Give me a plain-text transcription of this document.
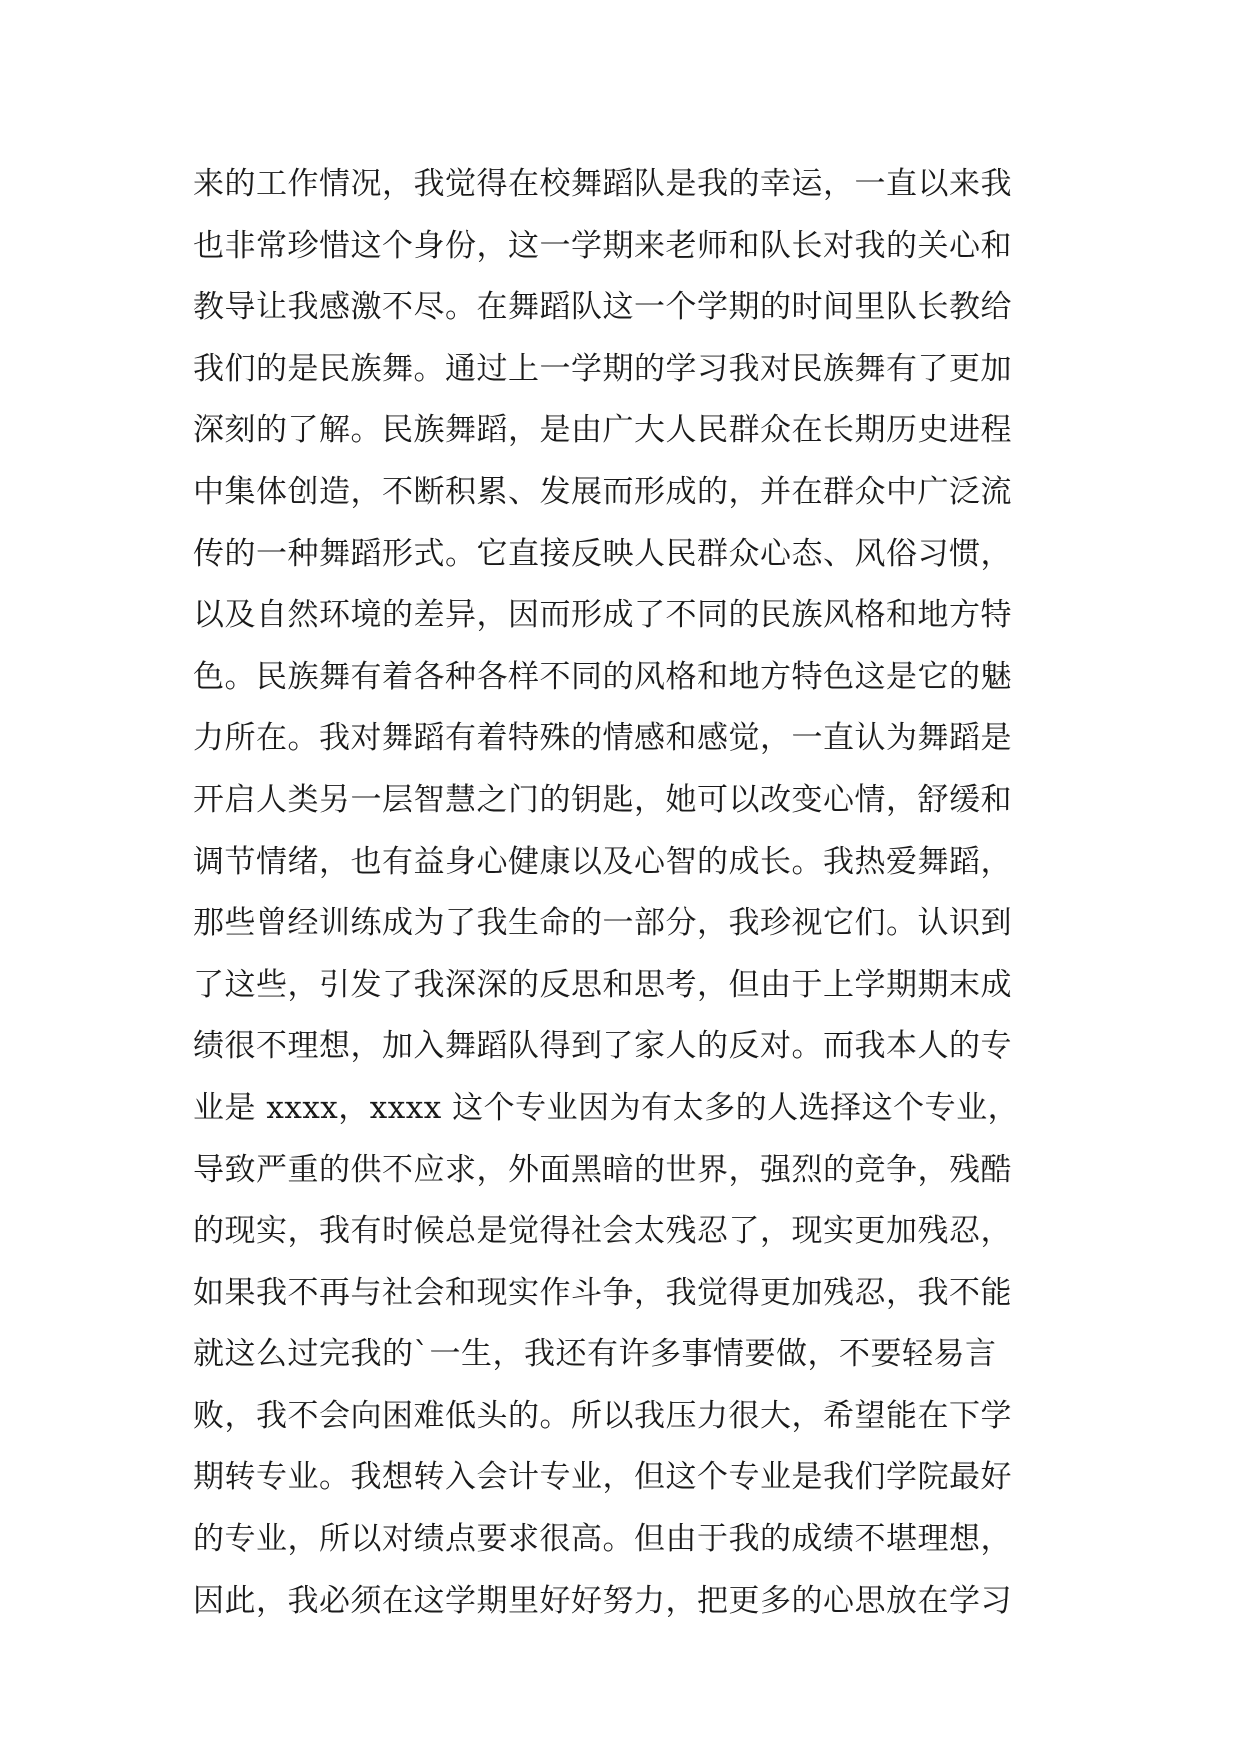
来的工作情况，我觉得在校舞蹈队是我的幸运，一直以来我
也非常珍惜这个身份，这一学期来老师和队长对我的关心和
教导让我感激不尽。在舞蹈队这一个学期的时间里队长教给
我们的是民族舞。通过上一学期的学习我对民族舞有了更加
深刻的了解。民族舞蹈，是由广大人民群众在长期历史进程
中集体创造，不断积累、发展而形成的，并在群众中广泛流
传的一种舞蹈形式。它直接反映人民群众心态、风俗习惯，
以及自然环境的差异，因而形成了不同的民族风格和地方特
色。民族舞有着各种各样不同的风格和地方特色这是它的魅
力所在。我对舞蹈有着特殊的情感和感觉，一直认为舞蹈是
开启人类另一层智慧之门的钥匙，她可以改变心情，舒缓和
调节情绪，也有益身心健康以及心智的成长。我热爱舞蹈，
那些曾经训练成为了我生命的一部分，我珍视它们。认识到
了这些，引发了我深深的反思和思考，但由于上学期期末成
绩很不理想，加入舞蹈队得到了家人的反对。而我本人的专
业是 xxxx，xxxx 这个专业因为有太多的人选择这个专业，
导致严重的供不应求，外面黑暗的世界，强烈的竞争，残酷
的现实，我有时候总是觉得社会太残忍了，现实更加残忍，
如果我不再与社会和现实作斗争，我觉得更加残忍，我不能
就这么过完我的`一生，我还有许多事情要做，不要轻易言
败，我不会向困难低头的。所以我压力很大，希望能在下学
期转专业。我想转入会计专业，但这个专业是我们学院最好
的专业，所以对绩点要求很高。但由于我的成绩不堪理想，
因此，我必须在这学期里好好努力，把更多的心思放在学习
